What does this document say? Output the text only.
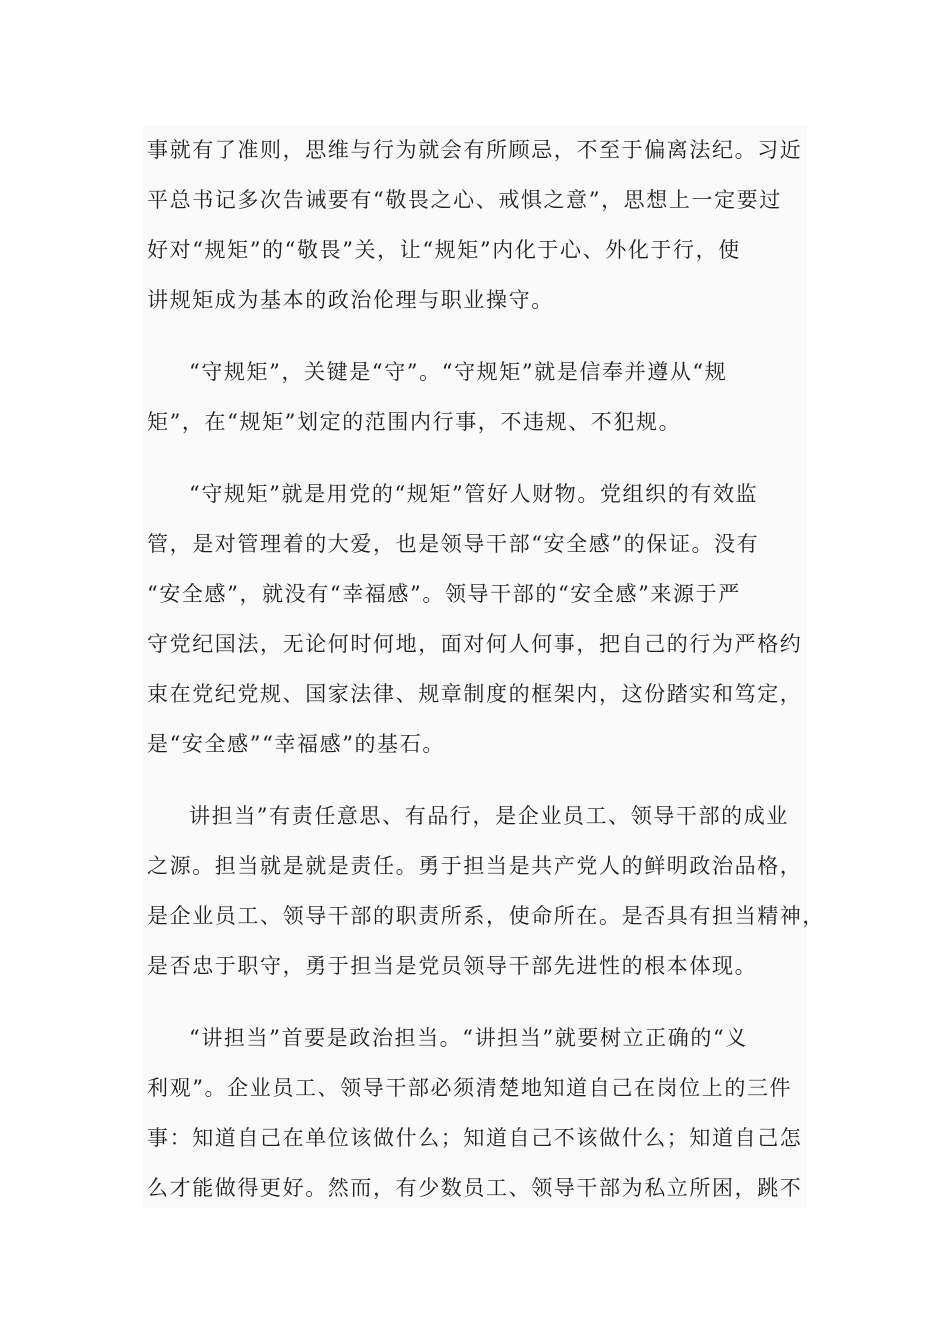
事就有了准则，思维与行为就会有所顾忌，不至于偏离法纪。习近
平总书记多次告诫要有“敬畏之心、戒惧之意”，思想上一定要过
好对“规矩”的“敬畏”关，让“规矩”内化于心、外化于行，使
讲规矩成为基本的政治伦理与职业操守。
“守规矩”，关键是“守”。“守规矩”就是信奉并遵从“规
矩”，在“规矩”划定的范围内行事，不违规、不犯规。
“守规矩”就是用党的“规矩”管好人财物。党组织的有效监
管，是对管理着的大爱，也是领导干部“安全感”的保证。没有
“安全感”，就没有“幸福感”。领导干部的“安全感”来源于严
守党纪国法，无论何时何地，面对何人何事，把自己的行为严格约
束在党纪党规、国家法律、规章制度的框架内，这份踏实和笃定，
是“安全感”“幸福感”的基石。
讲担当”有责任意思、有品行，是企业员工、领导干部的成业
之源。担当就是就是责任。勇于担当是共产党人的鲜明政治品格，
是企业员工、领导干部的职责所系，使命所在。是否具有担当精神，
是否忠于职守，勇于担当是党员领导干部先进性的根本体现。
“讲担当”首要是政治担当。“讲担当”就要树立正确的“义
利观”。企业员工、领导干部必须清楚地知道自己在岗位上的三件
事：知道自己在单位该做什么；知道自己不该做什么；知道自己怎
么才能做得更好。然而，有少数员工、领导干部为私立所困，跳不
